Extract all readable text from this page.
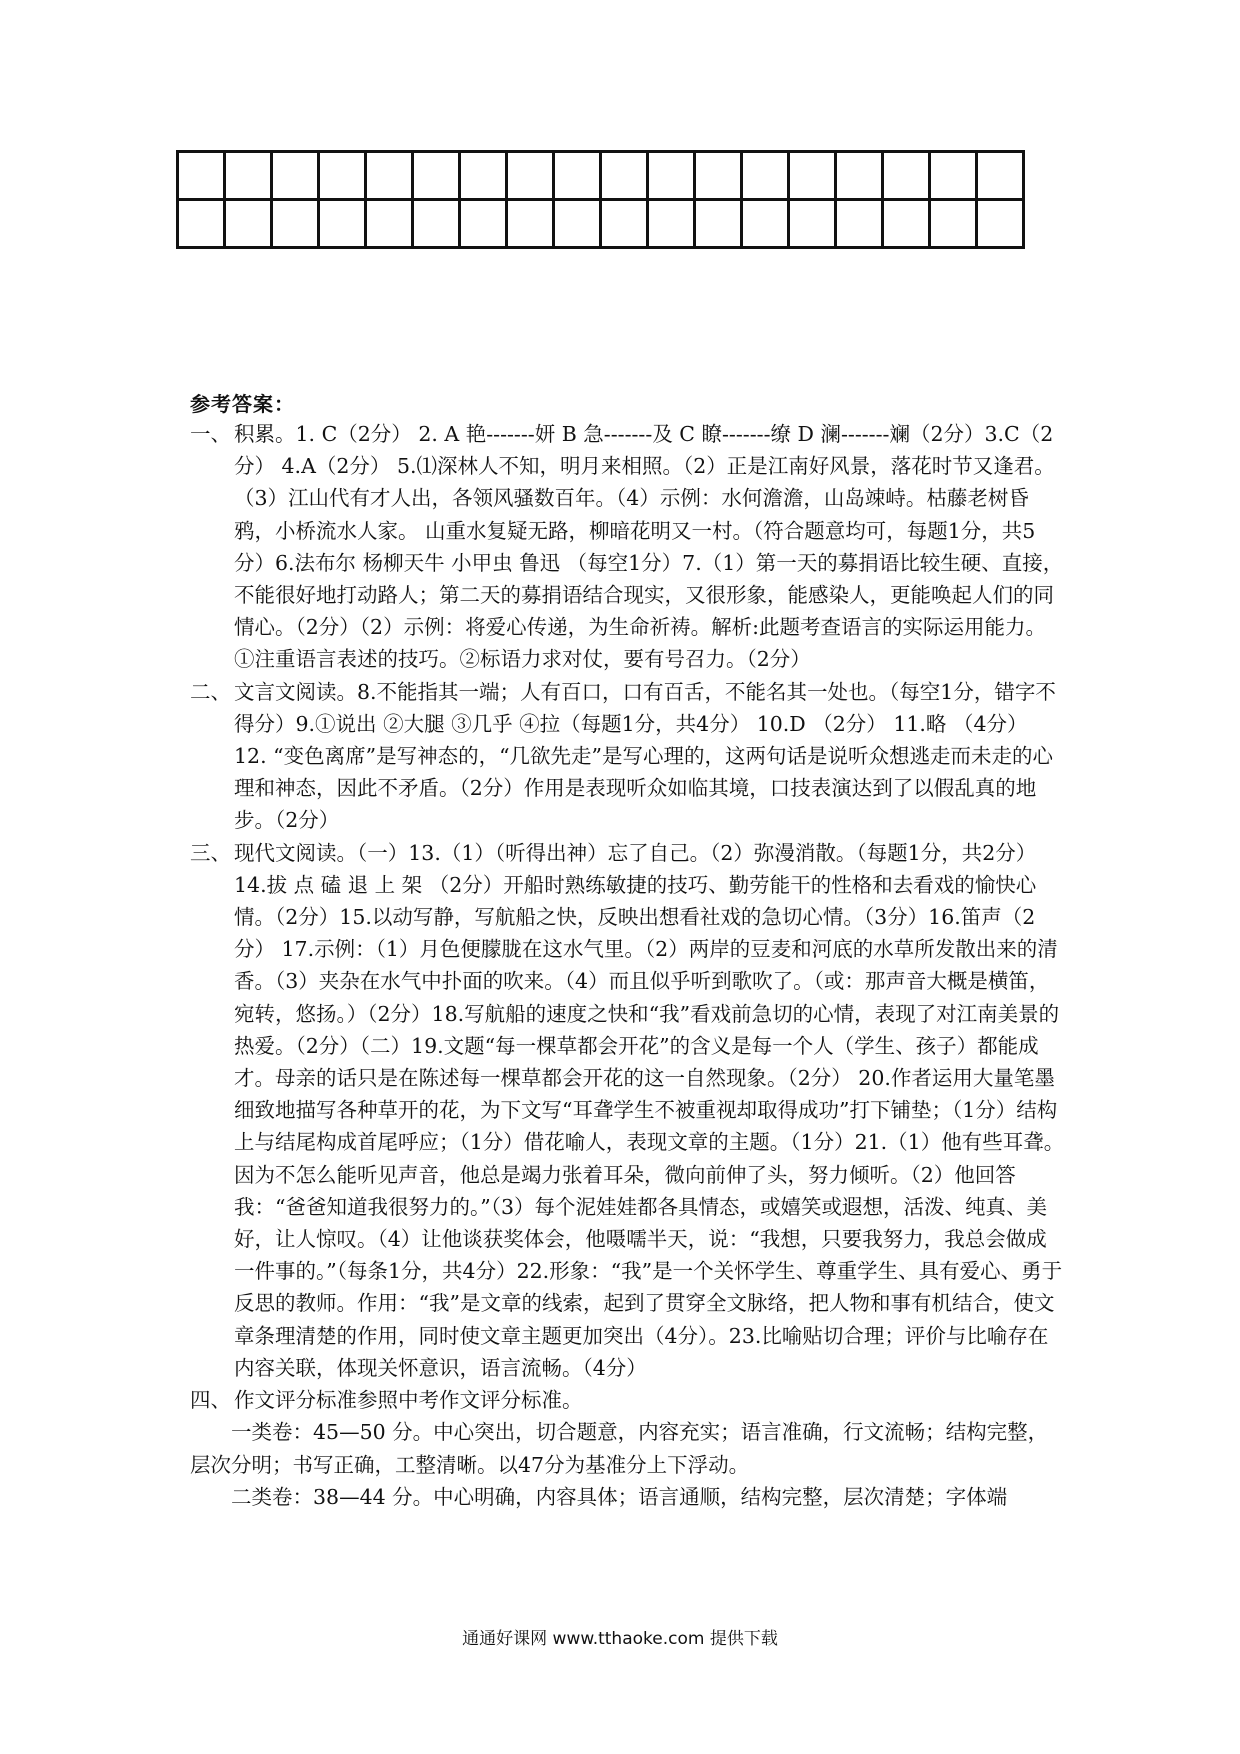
参考答案：
一、 积累。1. C（2分） 2. A 艳-------妍 B 急-------及 C 瞭-------缭 D 澜-------斓（2分）3.C（2分） 4.A（2分） 5.⑴深林人不知，明月来相照。（2）正是江南好风景，落花时节又逢君。（3）江山代有才人出，各领风骚数百年。（4）示例：水何澹澹，山岛竦峙。枯藤老树昏鸦，小桥流水人家。 山重水复疑无路，柳暗花明又一村。（符合题意均可，每题1分，共5分）6.法布尔 杨柳天牛 小甲虫 鲁迅 （每空1分）7.（1）第一天的募捐语比较生硬、直接，不能很好地打动路人；第二天的募捐语结合现实，又很形象，能感染人，更能唤起人们的同情心。（2分）（2）示例：将爱心传递，为生命祈祷。解析:此题考查语言的实际运用能力。①注重语言表述的技巧。②标语力求对仗，要有号召力。（2分）
二、 文言文阅读。8.不能指其一端；人有百口，口有百舌，不能名其一处也。（每空1分，错字不得分）9.①说出 ②大腿 ③几乎 ④拉（每题1分，共4分） 10.D （2分） 11.略 （4分） 12. “变色离席”是写神态的，“几欲先走”是写心理的，这两句话是说听众想逃走而未走的心理和神态，因此不矛盾。（2分）作用是表现听众如临其境，口技表演达到了以假乱真的地步。（2分）
三、 现代文阅读。（一）13.（1）（听得出神）忘了自己。（2）弥漫消散。（每题1分，共2分）14.拔 点 磕 退 上 架 （2分）开船时熟练敏捷的技巧、勤劳能干的性格和去看戏的愉快心情。（2分）15.以动写静，写航船之快，反映出想看社戏的急切心情。（3分）16.笛声（2分） 17.示例：（1）月色便朦胧在这水气里。（2）两岸的豆麦和河底的水草所发散出来的清香。（3）夹杂在水气中扑面的吹来。（4）而且似乎听到歌吹了。（或：那声音大概是横笛，宛转，悠扬。）（2分）18.写航船的速度之快和“我”看戏前急切的心情，表现了对江南美景的热爱。（2分）（二）19.文题“每一棵草都会开花”的含义是每一个人（学生、孩子）都能成才。母亲的话只是在陈述每一棵草都会开花的这一自然现象。（2分） 20.作者运用大量笔墨细致地描写各种草开的花，为下文写“耳聋学生不被重视却取得成功”打下铺垫；（1分）结构上与结尾构成首尾呼应；（1分）借花喻人，表现文章的主题。（1分）21.（1）他有些耳聋。因为不怎么能听见声音，他总是竭力张着耳朵，微向前伸了头，努力倾听。（2）他回答我：“爸爸知道我很努力的。”（3）每个泥娃娃都各具情态，或嬉笑或遐想，活泼、纯真、美好，让人惊叹。（4）让他谈获奖体会，他嗫嚅半天，说：“我想，只要我努力，我总会做成一件事的。”（每条1分，共4分）22.形象：“我”是一个关怀学生、尊重学生、具有爱心、勇于反思的教师。作用：“我”是文章的线索，起到了贯穿全文脉络，把人物和事有机结合，使文章条理清楚的作用，同时使文章主题更加突出（4分）。23.比喻贴切合理；评价与比喻存在内容关联，体现关怀意识，语言流畅。（4分）
四、 作文评分标准参照中考作文评分标准。
一类卷：45—50 分。中心突出，切合题意，内容充实；语言准确，行文流畅；结构完整，层次分明；书写正确，工整清晰。以47分为基准分上下浮动。
二类卷：38—44 分。中心明确，内容具体；语言通顺，结构完整，层次清楚；字体端
通通好课网 www.tthaoke.com 提供下载
